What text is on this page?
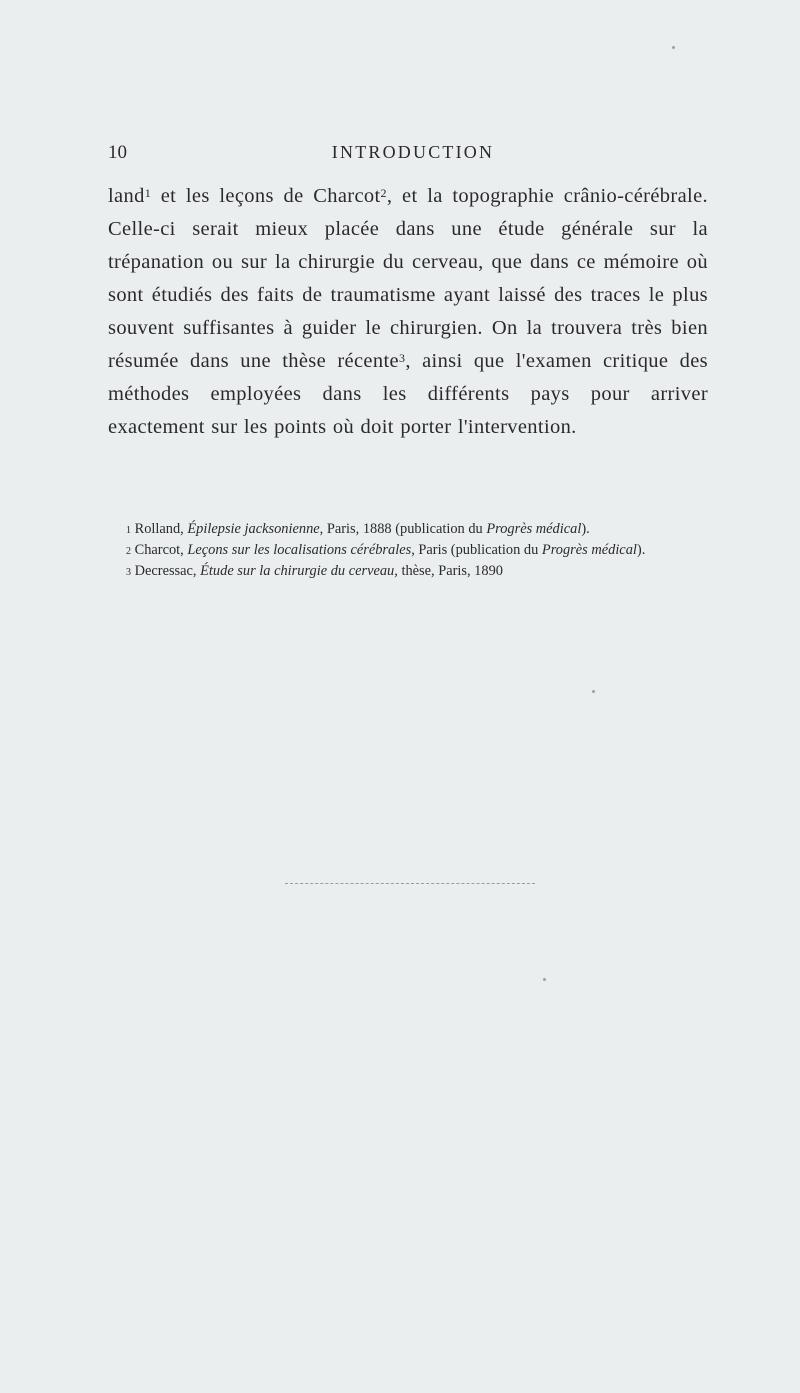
10	INTRODUCTION
land$^1$ et les leçons de Charcot$^2$, et la topographie crânio-cérébrale. Celle-ci serait mieux placée dans une étude générale sur la trépanation ou sur la chirurgie du cerveau, que dans ce mémoire où sont étudiés des faits de traumatisme ayant laissé des traces le plus souvent suffisantes à guider le chirurgien. On la trouvera très bien résumée dans une thèse récente$^3$, ainsi que l'examen critique des méthodes employées dans les différents pays pour arriver exactement sur les points où doit porter l'intervention.

$^1$ Rolland, Épilepsie jacksonienne, Paris, 1888 (publication du Progrès médical).

$^2$ Charcot, Leçons sur les localisations cérébrales, Paris (publication du Progrès médical).

$^3$ Decressac, Étude sur la chirurgie du cerveau, thèse, Paris, 1890
